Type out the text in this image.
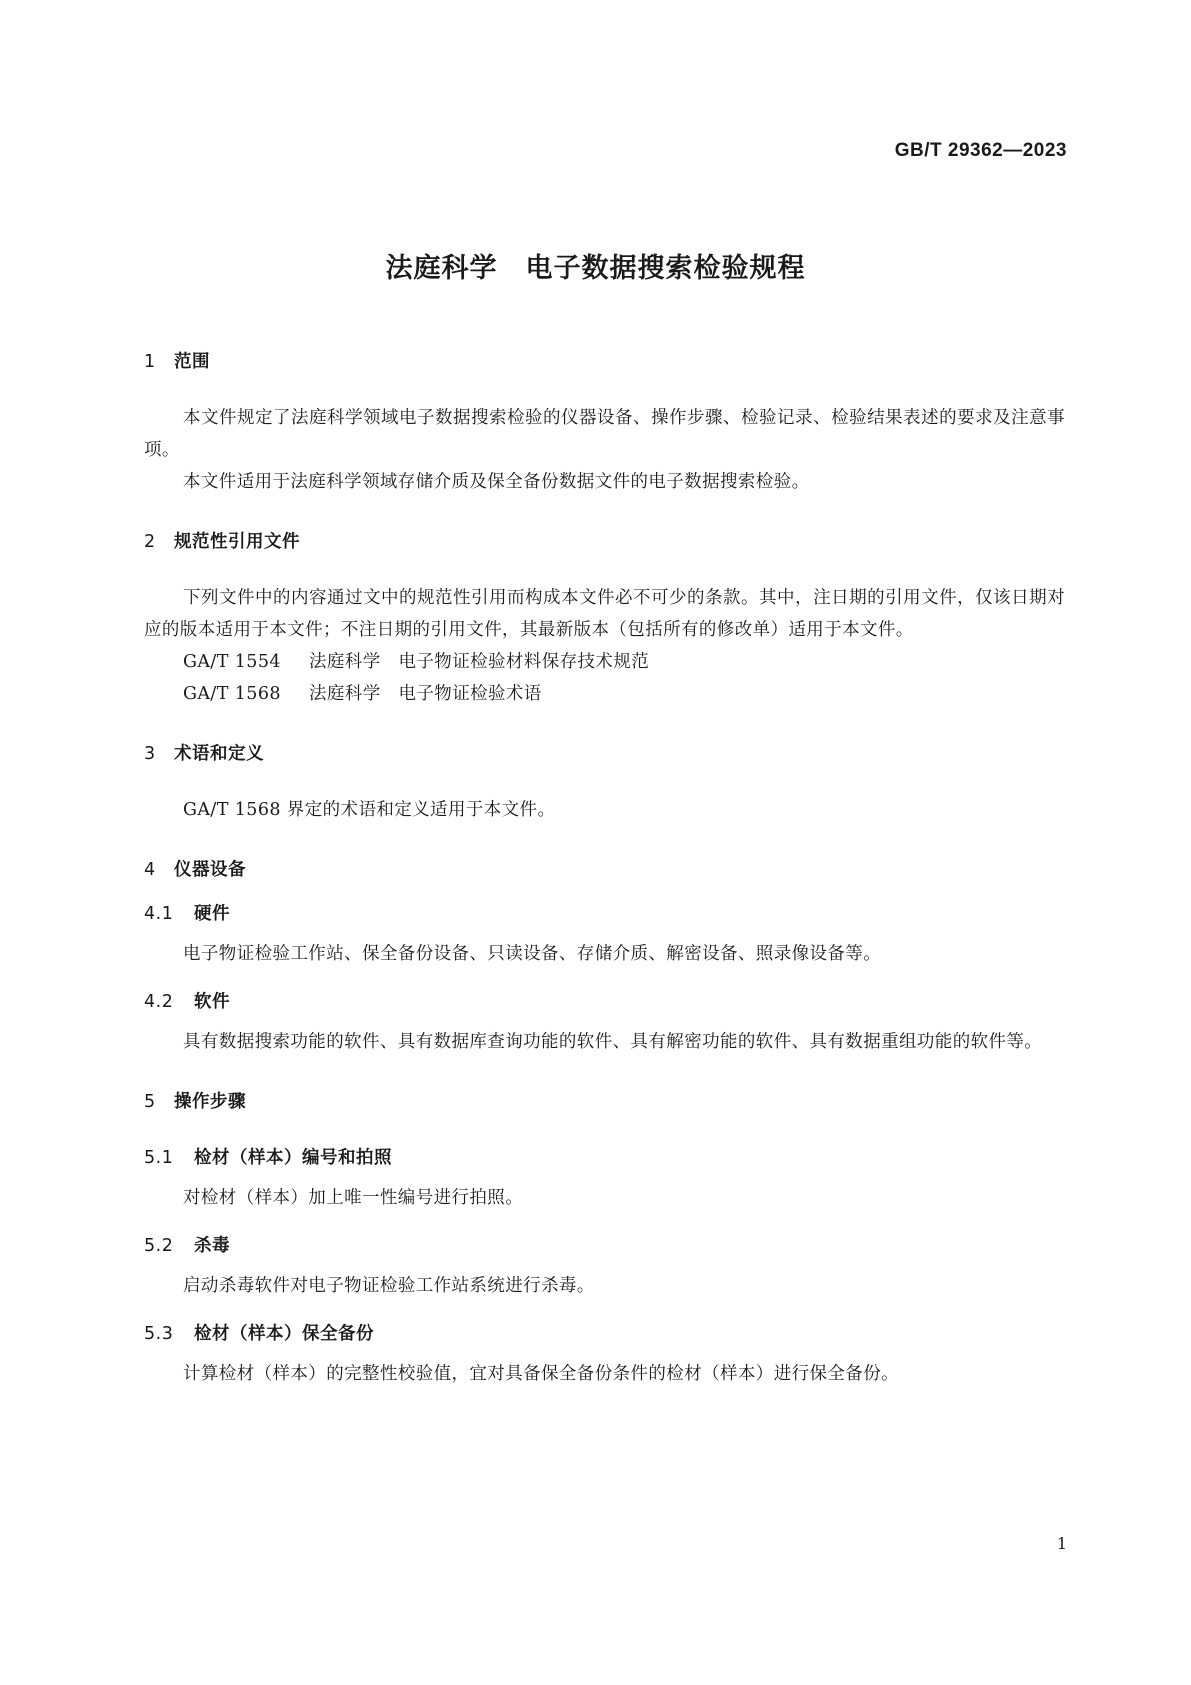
GB/T 29362—2023
法庭科学　电子数据搜索检验规程
1 范围

本文件规定了法庭科学领域电子数据搜索检验的仪器设备、操作步骤、检验记录、检验结果表述的要求及注意事项。

本文件适用于法庭科学领域存储介质及保全备份数据文件的电子数据搜索检验。

2 规范性引用文件

下列文件中的内容通过文中的规范性引用而构成本文件必不可少的条款。其中，注日期的引用文件，仅该日期对应的版本适用于本文件；不注日期的引用文件，其最新版本（包括所有的修改单）适用于本文件。

GA/T 1554 法庭科学　电子物证检验材料保存技术规范

GA/T 1568 法庭科学　电子物证检验术语

3 术语和定义

GA/T 1568 界定的术语和定义适用于本文件。

4 仪器设备
4.1 硬件

电子物证检验工作站、保全备份设备、只读设备、存储介质、解密设备、照录像设备等。

4.2 软件

具有数据搜索功能的软件、具有数据库查询功能的软件、具有解密功能的软件、具有数据重组功能的软件等。

5 操作步骤
5.1 检材（样本）编号和拍照

对检材（样本）加上唯一性编号进行拍照。

5.2 杀毒

启动杀毒软件对电子物证检验工作站系统进行杀毒。

5.3 检材（样本）保全备份

计算检材（样本）的完整性校验值，宜对具备保全备份条件的检材（样本）进行保全备份。

1
